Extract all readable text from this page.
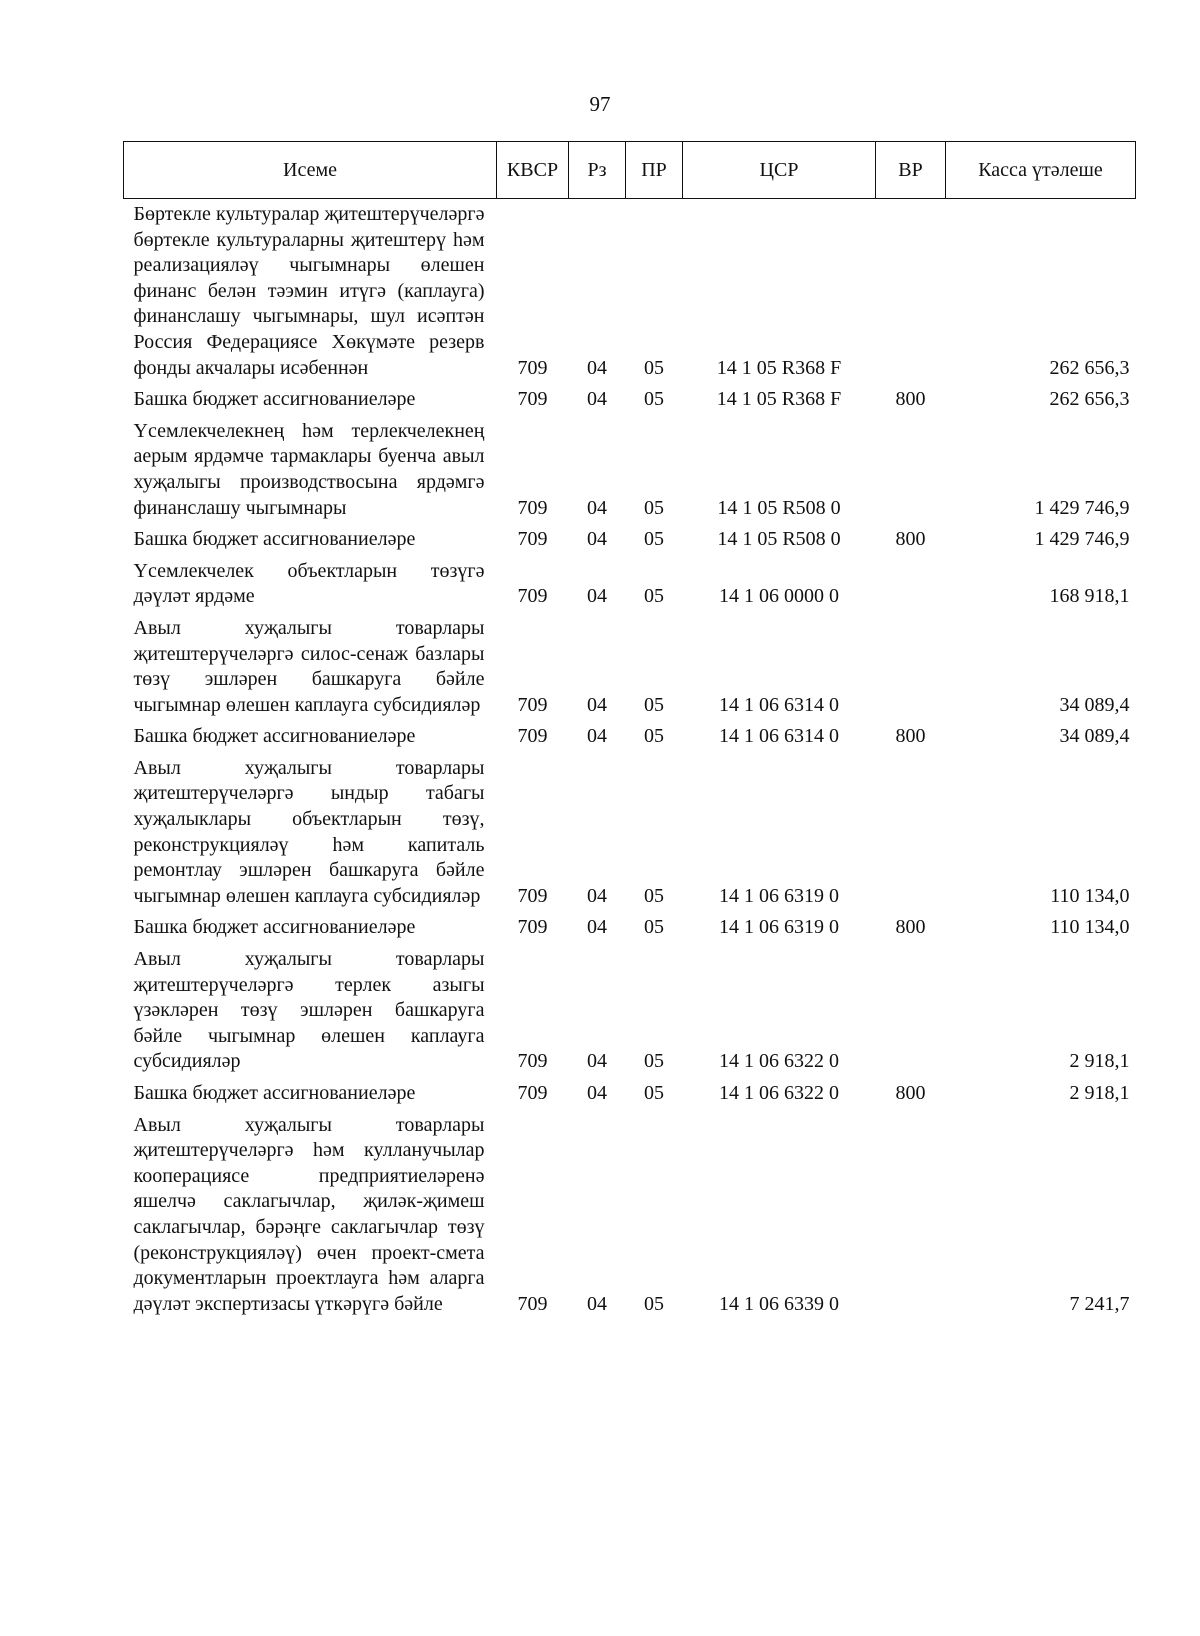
97
Исеме	КВСР	Рз	ПР	ЦСР	ВР	Касса үтәлеше
Бөртекле культуралар җитештерүчеләргә бөртекле культураларны җитештерү һәм реализацияләү чыгымнары өлешен финанс белән тәэмин итүгә (каплауга) финанслашу чыгымнары, шул исәптән Россия Федерациясе Хөкүмәте резерв фонды акчалары исәбеннән	709	04	05	14 1 05 R368 F		262 656,3
Башка бюджет ассигнованиеләре	709	04	05	14 1 05 R368 F	800	262 656,3
Үсемлекчелекнең һәм терлекчелекнең аерым ярдәмче тармаклары буенча авыл хуҗалыгы производствосына ярдәмгә финанслашу чыгымнары	709	04	05	14 1 05 R508 0		1 429 746,9
Башка бюджет ассигнованиеләре	709	04	05	14 1 05 R508 0	800	1 429 746,9
Үсемлекчелек объектларын төзүгә дәүләт ярдәме	709	04	05	14 1 06 0000 0		168 918,1
Авыл хуҗалыгы товарлары җитештерүчеләргә силос-сенаж базлары төзү эшләрен башкаруга бәйле чыгымнар өлешен каплауга субсидияләр	709	04	05	14 1 06 6314 0		34 089,4
Башка бюджет ассигнованиеләре	709	04	05	14 1 06 6314 0	800	34 089,4
Авыл хуҗалыгы товарлары җитештерүчеләргә ындыр табагы хуҗалыклары объектларын төзү, реконструкцияләү һәм капиталь ремонтлау эшләрен башкаруга бәйле чыгымнар өлешен каплауга субсидияләр	709	04	05	14 1 06 6319 0		110 134,0
Башка бюджет ассигнованиеләре	709	04	05	14 1 06 6319 0	800	110 134,0
Авыл хуҗалыгы товарлары җитештерүчеләргә терлек азыгы үзәкләрен төзү эшләрен башкаруга бәйле чыгымнар өлешен каплауга субсидияләр	709	04	05	14 1 06 6322 0		2 918,1
Башка бюджет ассигнованиеләре	709	04	05	14 1 06 6322 0	800	2 918,1
Авыл хуҗалыгы товарлары җитештерүчеләргә һәм кулланучылар кооперациясе предприятиеләренә яшелчә саклагычлар, җиләк-җимеш саклагычлар, бәрәңге саклагычлар төзү (реконструкцияләү) өчен проект-смета документларын проектлауга һәм аларга дәүләт экспертизасы үткәрүгә бәйле	709	04	05	14 1 06 6339 0		7 241,7
